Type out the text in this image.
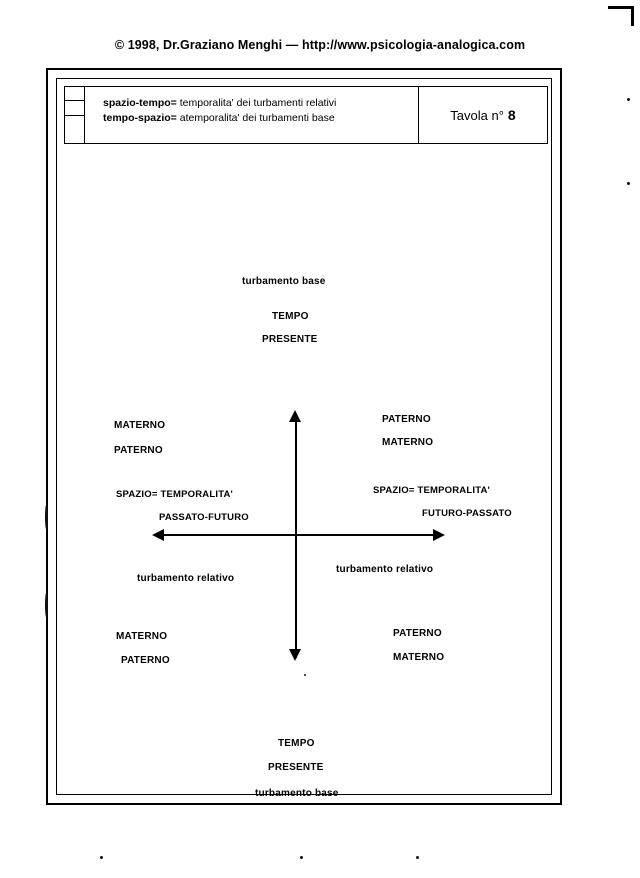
© 1998, Dr.Graziano Menghi — http://www.psicologia-analogica.com
spazio-tempo= temporalita' dei turbamenti relativi
tempo-spazio= atemporalita' dei turbamenti base	Tavola n° 8
turbamento base
TEMPO
PRESENTE
MATERNO
PATERNO
SPAZIO= TEMPORALITA'
PASSATO-FUTURO
PATERNO
MATERNO
SPAZIO= TEMPORALITA'
FUTURO-PASSATO
turbamento relativo
MATERNO
PATERNO
turbamento relativo
PATERNO
MATERNO
TEMPO
PRESENTE
turbamento base
